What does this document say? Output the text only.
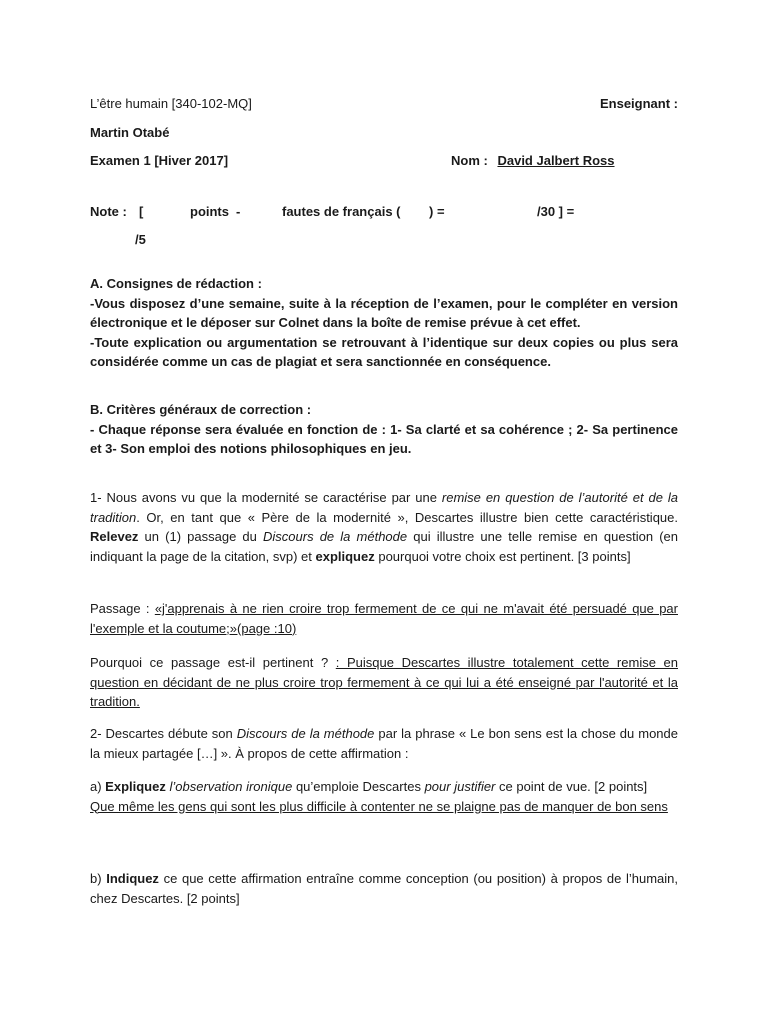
L’être humain [340-102-MQ]	Enseignant :
Martin Otabé
Examen 1 [Hiver 2017]	Nom : David Jalbert Ross
Note : [	points -	fautes de français ( ) =	/30 ] =
/5

A. Consignes de rédaction :

-Vous disposez d’une semaine, suite à la réception de l’examen, pour le compléter en version électronique et le déposer sur Colnet dans la boîte de remise prévue à cet effet.

-Toute explication ou argumentation se retrouvant à l’identique sur deux copies ou plus sera considérée comme un cas de plagiat et sera sanctionnée en conséquence.

B. Critères généraux de correction :

- Chaque réponse sera évaluée en fonction de : 1- Sa clarté et sa cohérence ; 2- Sa pertinence et 3- Son emploi des notions philosophiques en jeu.

1- Nous avons vu que la modernité se caractérise par une remise en question de l’autorité et de la tradition. Or, en tant que « Père de la modernité », Descartes illustre bien cette caractéristique. Relevez un (1) passage du Discours de la méthode qui illustre une telle remise en question (en indiquant la page de la citation, svp) et expliquez pourquoi votre choix est pertinent. [3 points]

Passage : «j'apprenais à ne rien croire trop fermement de ce qui ne m'avait été persuadé que par l'exemple et la coutume;»(page :10)

Pourquoi ce passage est-il pertinent ? : Puisque Descartes illustre totalement cette remise en question en décidant de ne plus croire trop fermement à ce qui lui a été enseigné par l'autorité et la tradition.

2- Descartes débute son Discours de la méthode par la phrase « Le bon sens est la chose du monde la mieux partagée […] ». À propos de cette affirmation :

a) Expliquez l’observation ironique qu’emploie Descartes pour justifier ce point de vue. [2 points]

Que même les gens qui sont les plus difficile à contenter ne se plaigne pas de manquer de bon sens

b) Indiquez ce que cette affirmation entraîne comme conception (ou position) à propos de l’humain, chez Descartes. [2 points]
